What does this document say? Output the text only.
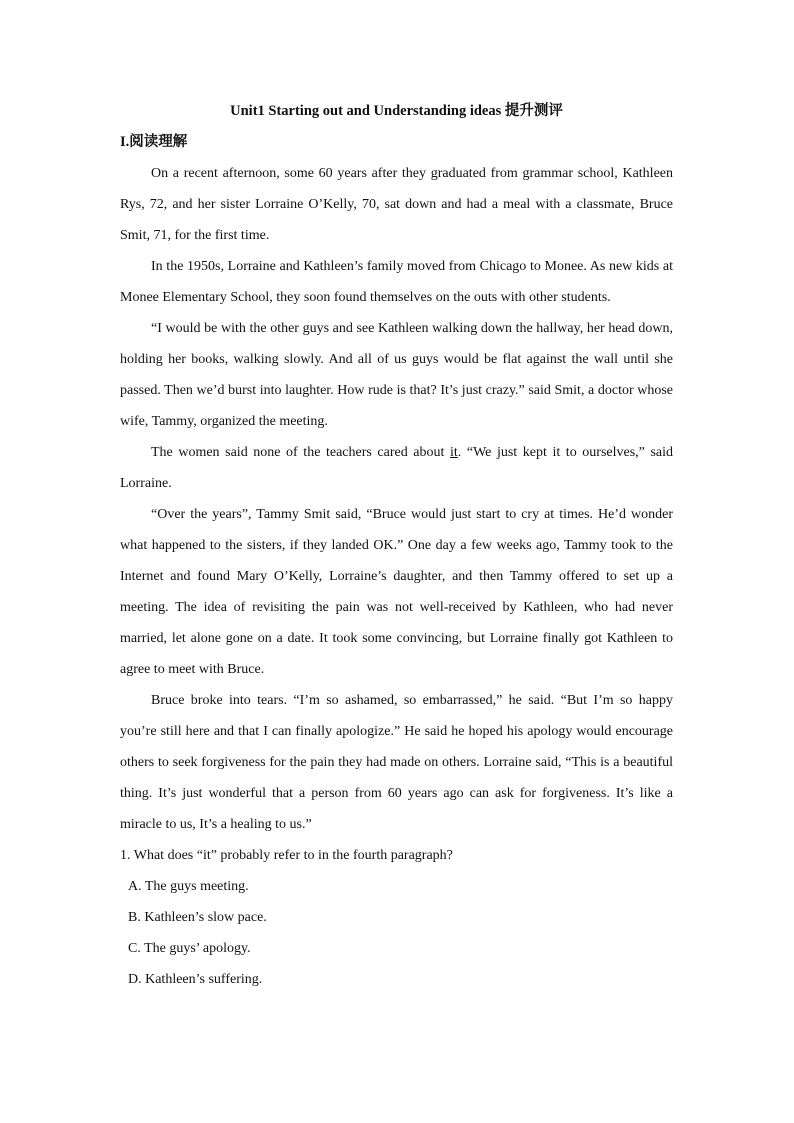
Unit1 Starting out and Understanding ideas 提升测评

I.阅读理解

On a recent afternoon, some 60 years after they graduated from grammar school, Kathleen Rys, 72, and her sister Lorraine O’Kelly, 70, sat down and had a meal with a classmate, Bruce Smit, 71, for the first time.

In the 1950s, Lorraine and Kathleen’s family moved from Chicago to Monee. As new kids at Monee Elementary School, they soon found themselves on the outs with other students.

“I would be with the other guys and see Kathleen walking down the hallway, her head down, holding her books, walking slowly. And all of us guys would be flat against the wall until she passed. Then we’d burst into laughter. How rude is that? It’s just crazy.” said Smit, a doctor whose wife, Tammy, organized the meeting.

The women said none of the teachers cared about it. “We just kept it to ourselves,” said Lorraine.

“Over the years”, Tammy Smit said, “Bruce would just start to cry at times. He’d wonder what happened to the sisters, if they landed OK.” One day a few weeks ago, Tammy took to the Internet and found Mary O’Kelly, Lorraine’s daughter, and then Tammy offered to set up a meeting. The idea of revisiting the pain was not well-received by Kathleen, who had never married, let alone gone on a date. It took some convincing, but Lorraine finally got Kathleen to agree to meet with Bruce.

Bruce broke into tears. “I’m so ashamed, so embarrassed,” he said. “But I’m so happy you’re still here and that I can finally apologize.” He said he hoped his apology would encourage others to seek forgiveness for the pain they had made on others. Lorraine said, “This is a beautiful thing. It’s just wonderful that a person from 60 years ago can ask for forgiveness. It’s like a miracle to us, It’s a healing to us.”

1. What does “it” probably refer to in the fourth paragraph?

A. The guys meeting.

B. Kathleen’s slow pace.

C. The guys’ apology.

D. Kathleen’s suffering.
